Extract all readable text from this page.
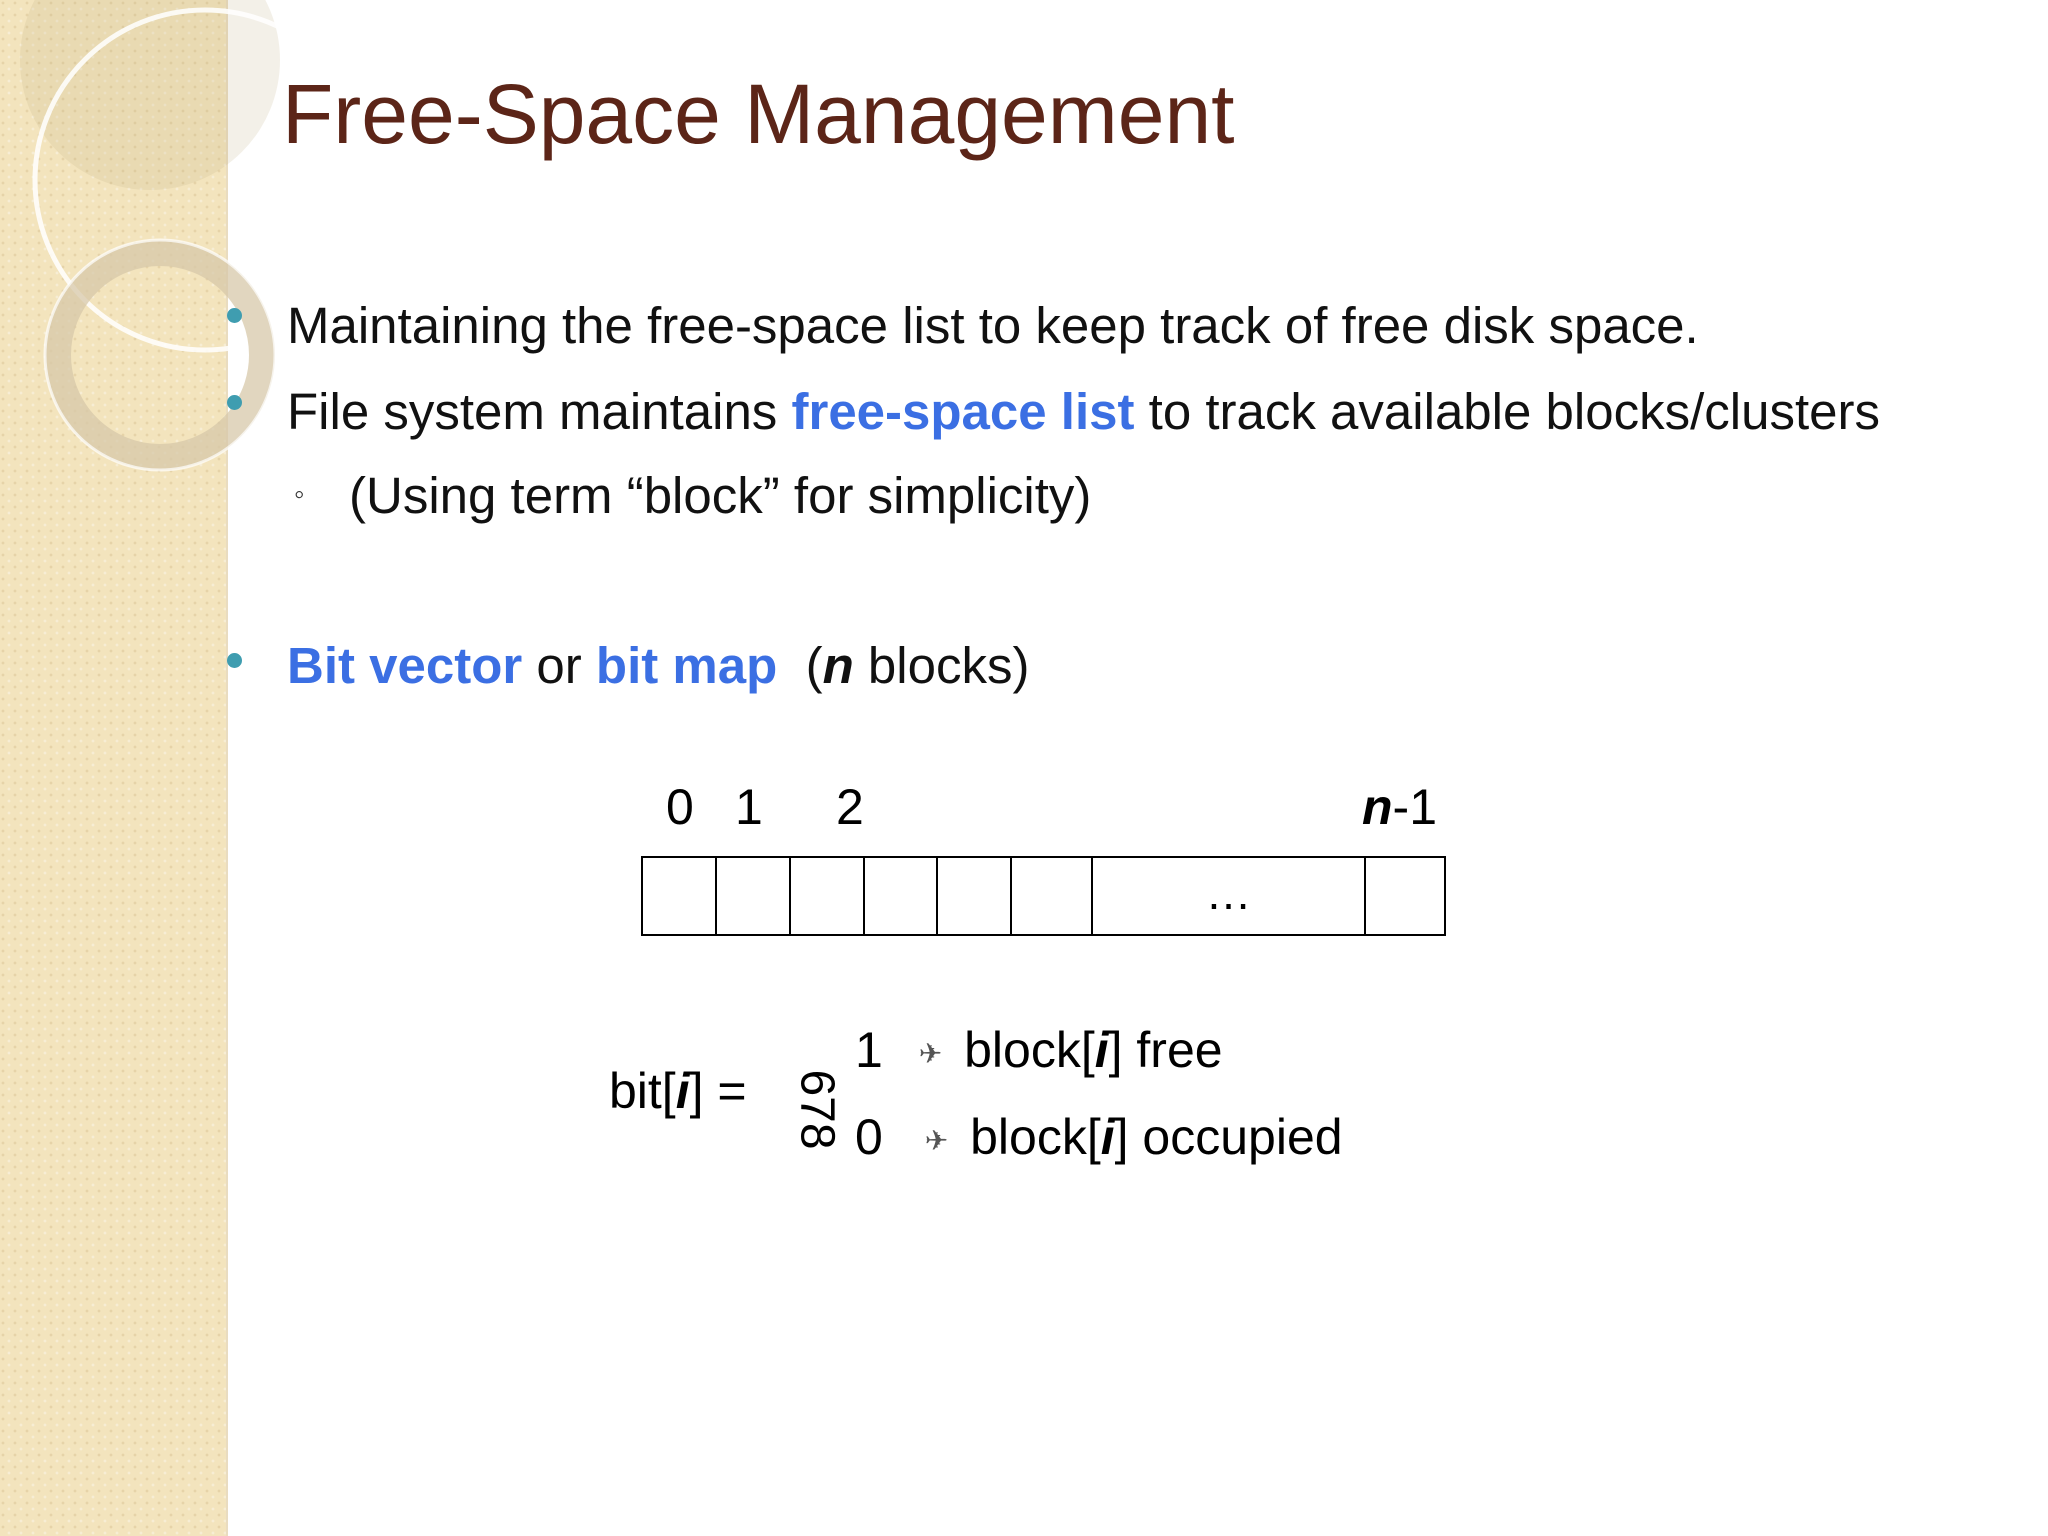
Free-Space Management
Maintaining the free-space list to keep track of free disk space.
File system maintains free-space list to track available blocks/clusters
◦ (Using term “block” for simplicity)
Bit vector or bit map  (n blocks)
0 1 2	n-1
…
bit[i] = 678
1 ✈︎ block[i] free
0 ✈︎ block[i] occupied
